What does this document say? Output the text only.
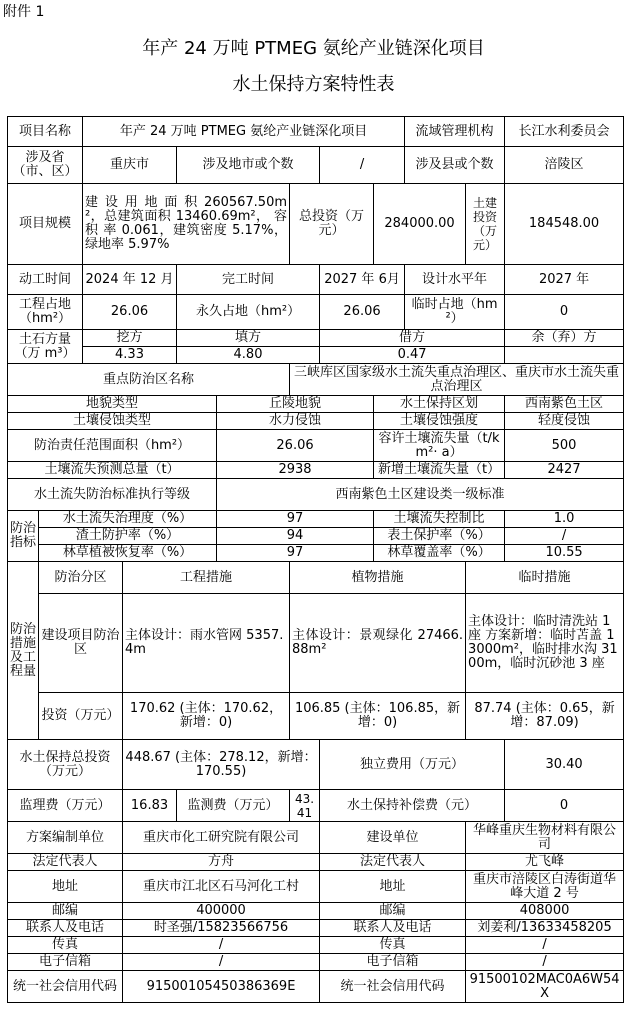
附件 1
年产 24 万吨 PTMEG 氨纶产业链深化项目
水土保持方案特性表
项目名称		年产 24 万吨 PTMEG 氨纶产业链深化项目							流域管理机构		长江水利委员会
涉及省（市、区）		重庆市		涉及地市或个数			/		涉及县或个数		涪陵区
项目规模		建 设 用 地 面 积 260567.50m²，总建筑面积 13460.69m²， 容 积 率 0.061，建筑密度 5.17%，绿地率 5.97%				总投资（万元）		284000.00		土建投资（万元）	184548.00
动工时间		2024 年 12 月		完工时间			2027 年 6月		设计水平年		2027 年
工程占地（hm²）		26.06		永久占地（hm²）			26.06		临时占地（hm²）		0
土石方量（万 m³）		挖方		填方			借方				余（弃）方
		4.33		4.80			0.47				
重点防治区名称						三峡库区国家级水土流失重点治理区、重庆市水土流失重点治理区					
地貌类型					丘陵地貌			水土保持区划			西南紫色土区
土壤侵蚀类型					水力侵蚀			土壤侵蚀强度			轻度侵蚀
防治责任范围面积（hm²）					26.06			容许土壤流失量（t/km²· a）			500
土壤流失预测总量（t）					2938			新增土壤流失量（t）			2427
水土流失防治标准执行等级					西南紫色土区建设类一级标准						
防治指标	水土流失治理度（%）				97			土壤流失控制比			1.0
	渣土防护率（%）				94			表土保护率（%）			/
	林草植被恢复率（%）				97			林草覆盖率（%）			10.55
防治措施及工程量	防治分区		工程措施			植物措施				临时措施	
	建设项目防治区		主体设计：雨水管网 5357.4m			主体设计：景观绿化 27466.88m²				主体设计：临时清洗站 1 座 方案新增：临时苫盖 13000m²，临时排水沟 3100m，临时沉砂池 3 座	
	投资（万元）		170.62 (主体：170.62，新增：0)			106.85 (主体：106.85，新增：0)				87.74 (主体：0.65，新增：87.09)	
水土保持总投资（万元）			448.67 (主体：278.12，新增：170.55)				独立费用（万元）				30.40
监理费（万元）			16.83	监测费（万元）		43.41	水土保持补偿费（元）				0
方案编制单位			重庆市化工研究院有限公司				建设单位			华峰重庆生物材料有限公司	
法定代表人			方舟				法定代表人			尤飞峰	
地址			重庆市江北区石马河化工村				地址			重庆市涪陵区白涛街道华峰大道 2 号	
邮编			400000				邮编			408000	
联系人及电话			时圣强/15823566756				联系人及电话			刘姜利/13633458205	
传真			/				传真			/	
电子信箱			/				电子信箱			/	
统一社会信用代码			91500105450386369E				统一社会信用代码			91500102MAC0A6W54X	
